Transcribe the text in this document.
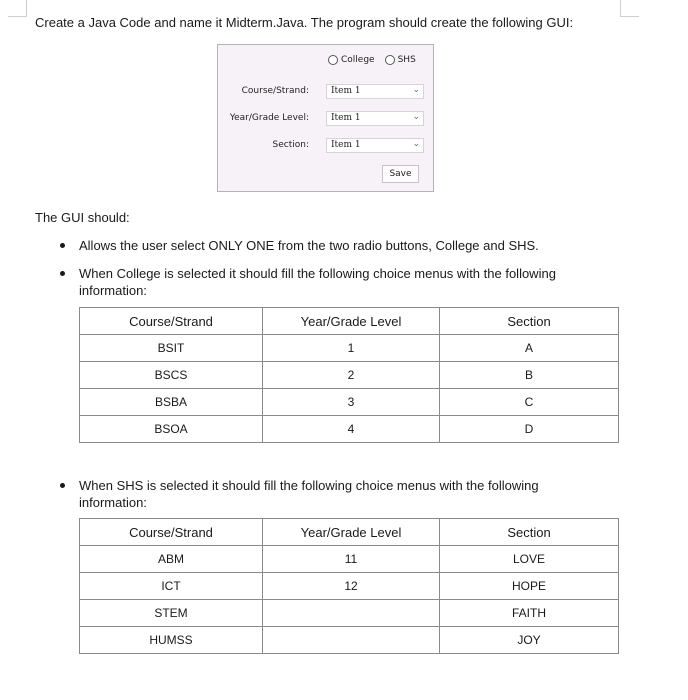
Create a Java Code and name it Midterm.Java. The program should create the following GUI:
College	SHS
Course/Strand: Item 1	⌄
Year/Grade Level: Item 1	⌄
Section: Item 1	⌄
Save
The GUI should:
Allows the user select ONLY ONE from the two radio buttons, College and SHS.
When College is selected it should fill the following choice menus with the following
information:
Course/Strand	Year/Grade Level	Section
BSIT	1	A
BSCS	2	B
BSBA	3	C
BSOA	4	D
When SHS is selected it should fill the following choice menus with the following
information:
Course/Strand	Year/Grade Level	Section
ABM	11	LOVE
ICT	12	HOPE
STEM		FAITH
HUMSS		JOY
